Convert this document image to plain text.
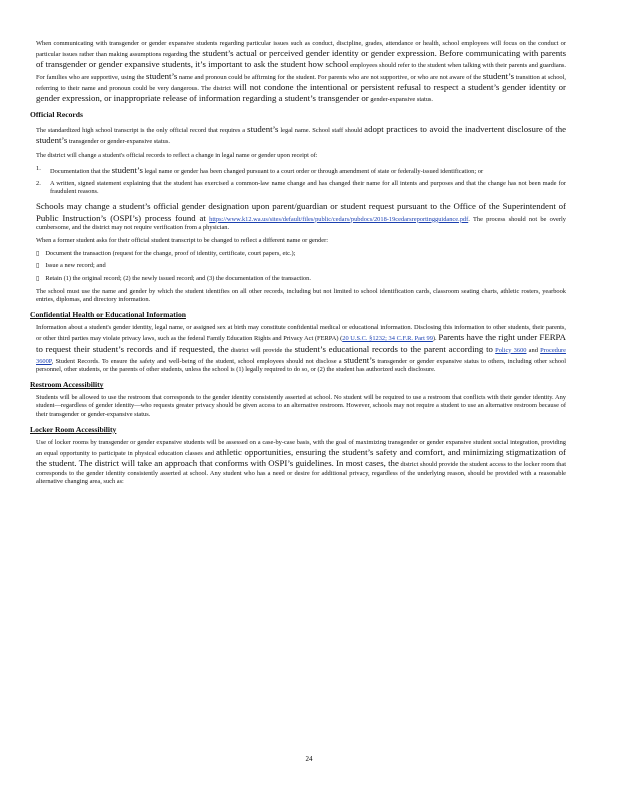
When communicating with transgender or gender expansive students regarding particular issues such as conduct, discipline, grades, attendance or health, school employees will focus on the conduct or particular issues rather than making assumptions regarding the student’s actual or perceived gender identity or gender expression. Before communicating with parents of transgender or gender expansive students, it’s important to ask the student how school employees should refer to the student when talking with their parents and guardians. For families who are supportive, using the student’s name and pronoun could be affirming for the student. For parents who are not supportive, or who are not aware of the student’s transition at school, referring to their name and pronoun could be very dangerous. The district will not condone the intentional or persistent refusal to respect a student’s gender identity or gender expression, or inappropriate release of information regarding a student’s transgender or gender-expansive status.

Official Records

The standardized high school transcript is the only official record that requires a student’s legal name. School staff should adopt practices to avoid the inadvertent disclosure of the student’s transgender or gender-expansive status.

The district will change a student's official records to reflect a change in legal name or gender upon receipt of:

1.	Documentation that the student’s legal name or gender has been changed pursuant to a court order or through amendment of state or federally-issued identification; or
2.	A written, signed statement explaining that the student has exercised a common-law name change and has changed their name for all intents and purposes and that the change has not been made for fraudulent reasons.

Schools may change a student’s official gender designation upon parent/guardian or student request pursuant to the Office of the Superintendent of Public Instruction’s (OSPI’s) process found at https://www.k12.wa.us/sites/default/files/public/cedars/pubdocs/2018-19cedarsreportingguidance.pdf. The process should not be overly cumbersome, and the district may not require verification from a physician.

When a former student asks for their official student transcript to be changed to reflect a different name or gender:

▯ Document the transaction (request for the change, proof of identity, certificate, court papers, etc.);
▯ Issue a new record; and
▯ Retain (1) the original record; (2) the newly issued record; and (3) the documentation of the transaction.

The school must use the name and gender by which the student identifies on all other records, including but not limited to school identification cards, classroom seating charts, athletic rosters, yearbook entries, diplomas, and directory information.

Confidential Health or Educational Information

Information about a student's gender identity, legal name, or assigned sex at birth may constitute confidential medical or educational information. Disclosing this information to other students, their parents, or other third parties may violate privacy laws, such as the federal Family Education Rights and Privacy Act (FERPA) (20 U.S.C. §1232; 34 C.F.R. Part 99). Parents have the right under FERPA to request their student’s records and if requested, the district will provide the student’s educational records to the parent according to Policy 3600 and Procedure 3600P, Student Records. To ensure the safety and well-being of the student, school employees should not disclose a student’s transgender or gender expansive status to others, including other school personnel, other students, or the parents of other students, unless the school is (1) legally required to do so, or (2) the student has authorized such disclosure.

Restroom Accessibility

Students will be allowed to use the restroom that corresponds to the gender identity consistently asserted at school. No student will be required to use a restroom that conflicts with their gender identity. Any student—regardless of gender identity—who requests greater privacy should be given access to an alternative restroom. However, schools may not require a student to use an alternative restroom because of their transgender or gender-expansive status.

Locker Room Accessibility

Use of locker rooms by transgender or gender expansive students will be assessed on a case-by-case basis, with the goal of maximizing transgender or gender expansive student social integration, providing an equal opportunity to participate in physical education classes and athletic opportunities, ensuring the student’s safety and comfort, and minimizing stigmatization of the student. The district will take an approach that conforms with OSPI’s guidelines. In most cases, the district should provide the student access to the locker room that corresponds to the gender identity consistently asserted at school. Any student who has a need or desire for additional privacy, regardless of the underlying reason, should be provided with a reasonable alternative changing area, such as:

24
